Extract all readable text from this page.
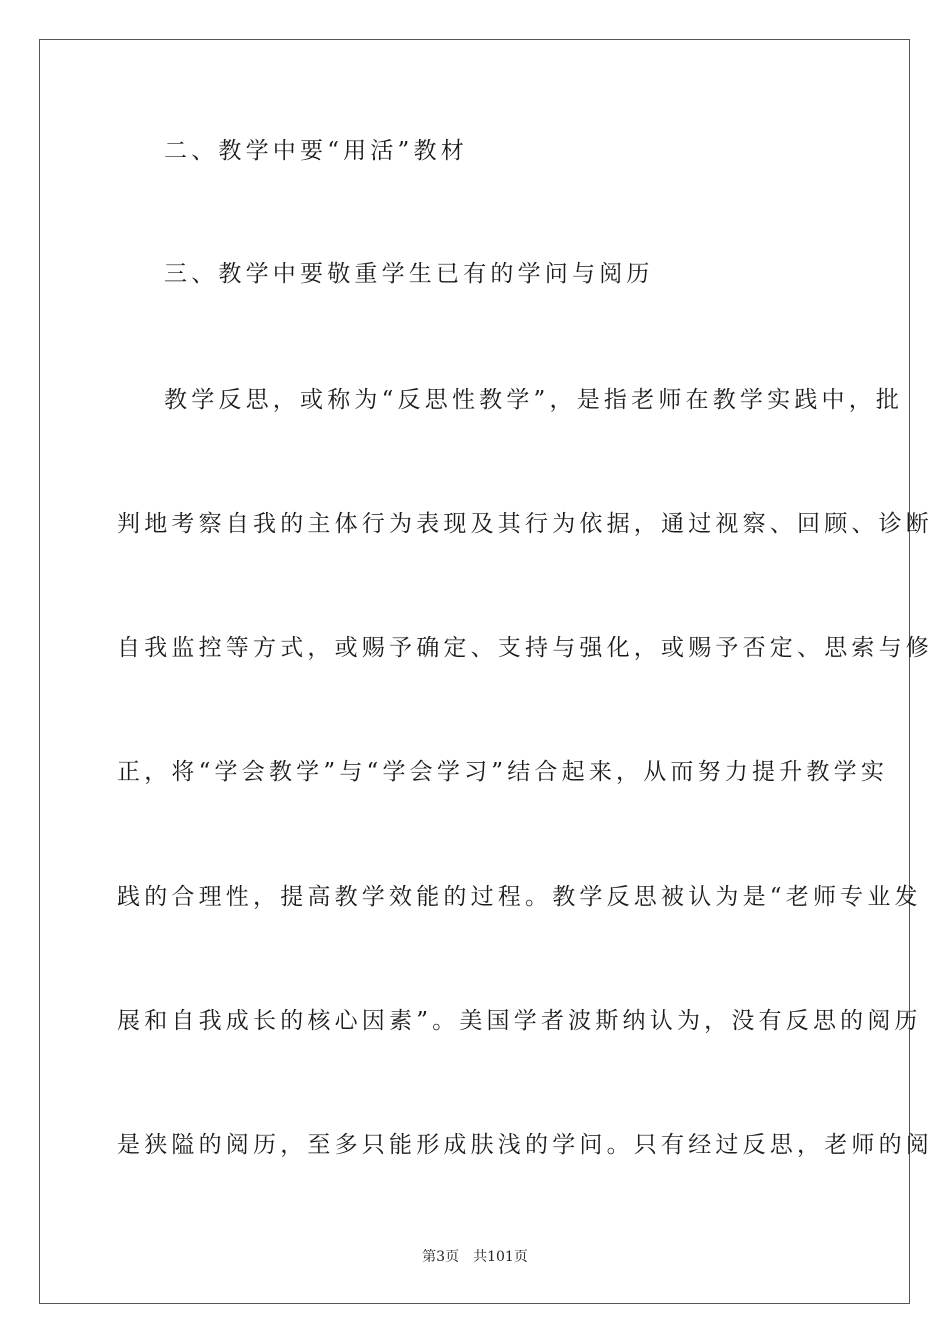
二、教学中要“用活”教材
三、教学中要敬重学生已有的学问与阅历
教学反思，或称为“反思性教学”，是指老师在教学实践中，批
判地考察自我的主体行为表现及其行为依据，通过视察、回顾、诊断
自我监控等方式，或赐予确定、支持与强化，或赐予否定、思索与修
正，将“学会教学”与“学会学习”结合起来，从而努力提升教学实
践的合理性，提高教学效能的过程。教学反思被认为是“老师专业发
展和自我成长的核心因素”。美国学者波斯纳认为，没有反思的阅历
是狭隘的阅历，至多只能形成肤浅的学问。只有经过反思，老师的阅
第3页 共101页
